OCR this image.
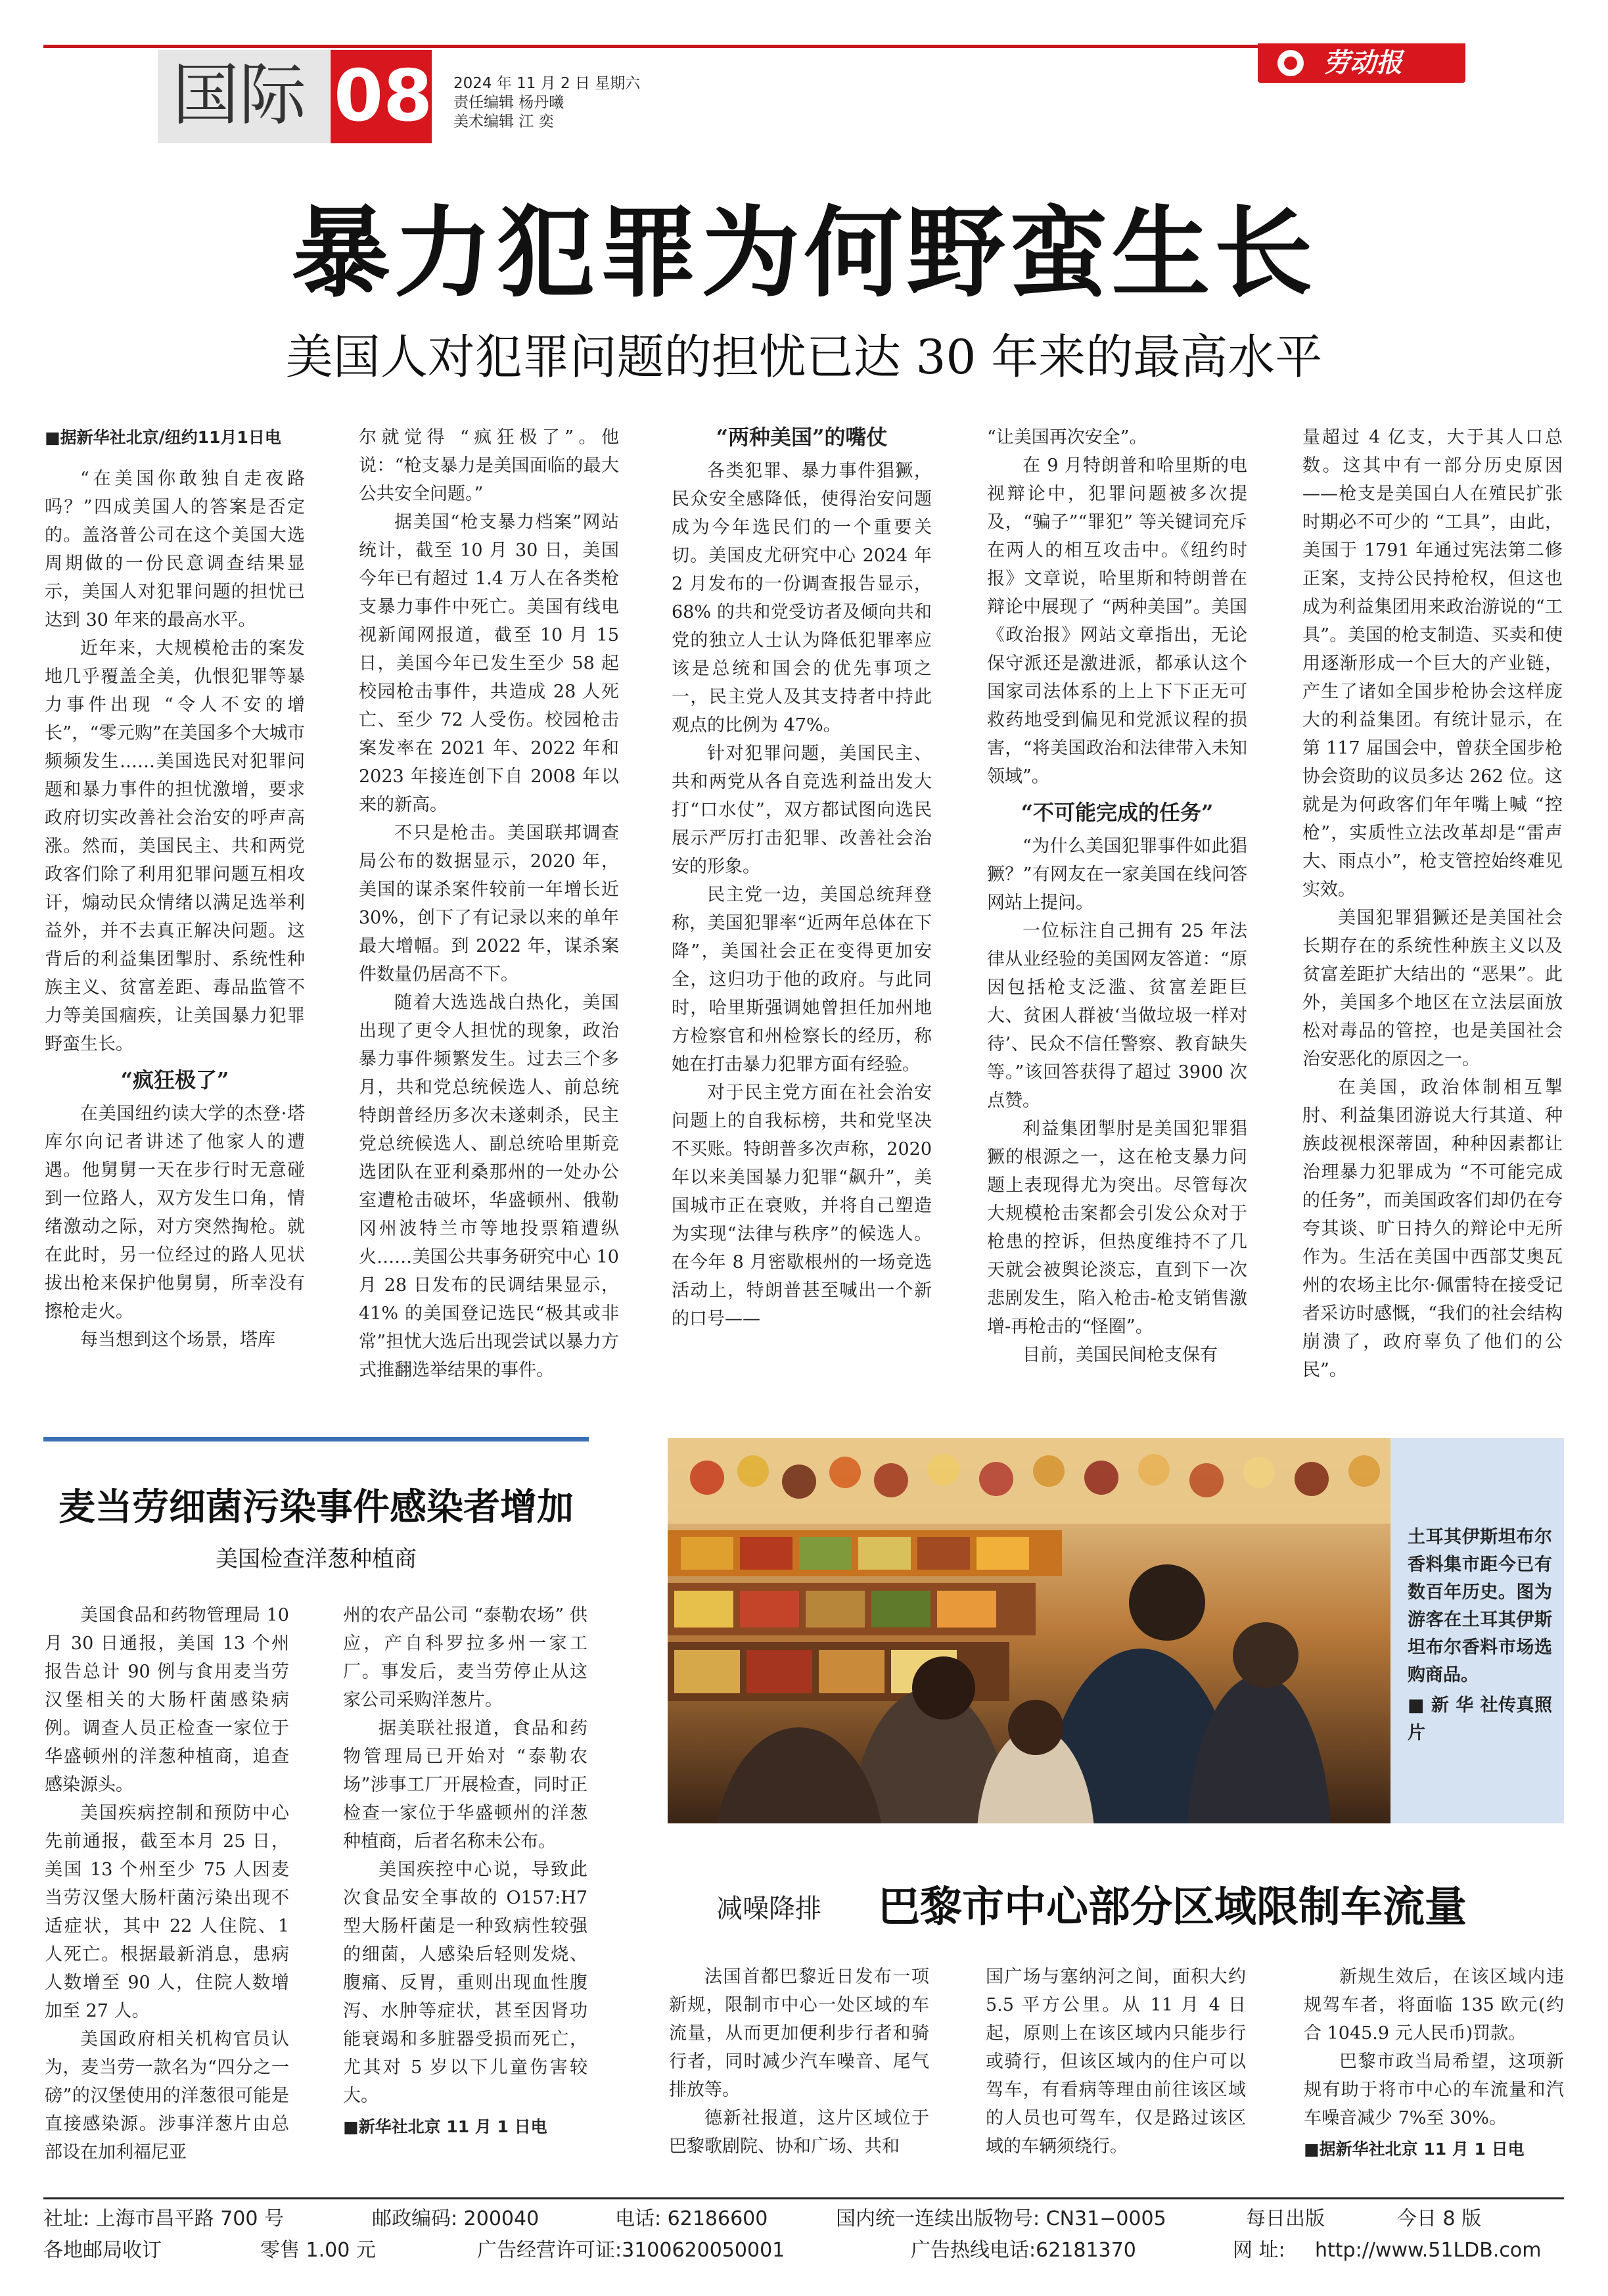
国际 08 2024 年 11 月 2 日 星期六
责任编辑 杨丹曦
美术编辑 江 奕
劳动报
暴力犯罪为何野蛮生长
美国人对犯罪问题的担忧已达 30 年来的最高水平

■据新华社北京/纽约11月1日电

“在美国你敢独自走夜路吗？”四成美国人的答案是否定的。盖洛普公司在这个美国大选周期做的一份民意调查结果显示，美国人对犯罪问题的担忧已达到 30 年来的最高水平。

近年来，大规模枪击的案发地几乎覆盖全美，仇恨犯罪等暴力事件出现 “令人不安的增长”，“零元购”在美国多个大城市频频发生……美国选民对犯罪问题和暴力事件的担忧激增，要求政府切实改善社会治安的呼声高涨。然而，美国民主、共和两党政客们除了利用犯罪问题互相攻讦，煽动民众情绪以满足选举利益外，并不去真正解决问题。这背后的利益集团掣肘、系统性种族主义、贫富差距、毒品监管不力等美国痼疾，让美国暴力犯罪野蛮生长。

“疯狂极了”

在美国纽约读大学的杰登·塔库尔向记者讲述了他家人的遭遇。他舅舅一天在步行时无意碰到一位路人，双方发生口角，情绪激动之际，对方突然掏枪。就在此时，另一位经过的路人见状拔出枪来保护他舅舅，所幸没有擦枪走火。

每当想到这个场景，塔库

尔就觉得 “疯狂极了”。他说：“枪支暴力是美国面临的最大公共安全问题。”

据美国“枪支暴力档案”网站统计，截至 10 月 30 日，美国今年已有超过 1.4 万人在各类枪支暴力事件中死亡。美国有线电视新闻网报道，截至 10 月 15 日，美国今年已发生至少 58 起校园枪击事件，共造成 28 人死亡、至少 72 人受伤。校园枪击案发率在 2021 年、2022 年和 2023 年接连创下自 2008 年以来的新高。

不只是枪击。美国联邦调查局公布的数据显示，2020 年，美国的谋杀案件较前一年增长近 30%，创下了有记录以来的单年最大增幅。到 2022 年，谋杀案件数量仍居高不下。

随着大选选战白热化，美国出现了更令人担忧的现象，政治暴力事件频繁发生。过去三个多月，共和党总统候选人、前总统特朗普经历多次未遂刺杀，民主党总统候选人、副总统哈里斯竞选团队在亚利桑那州的一处办公室遭枪击破坏，华盛顿州、俄勒冈州波特兰市等地投票箱遭纵火……美国公共事务研究中心 10 月 28 日发布的民调结果显示，41% 的美国登记选民“极其或非常”担忧大选后出现尝试以暴力方式推翻选举结果的事件。

“两种美国”的嘴仗

各类犯罪、暴力事件猖獗，民众安全感降低，使得治安问题成为今年选民们的一个重要关切。美国皮尤研究中心 2024 年 2 月发布的一份调查报告显示，68% 的共和党受访者及倾向共和党的独立人士认为降低犯罪率应该是总统和国会的优先事项之一，民主党人及其支持者中持此观点的比例为 47%。

针对犯罪问题，美国民主、共和两党从各自竞选利益出发大打“口水仗”，双方都试图向选民展示严厉打击犯罪、改善社会治安的形象。

民主党一边，美国总统拜登称，美国犯罪率“近两年总体在下降”，美国社会正在变得更加安全，这归功于他的政府。与此同时，哈里斯强调她曾担任加州地方检察官和州检察长的经历，称她在打击暴力犯罪方面有经验。

对于民主党方面在社会治安问题上的自我标榜，共和党坚决不买账。特朗普多次声称，2020 年以来美国暴力犯罪“飙升”，美国城市正在衰败，并将自己塑造为实现“法律与秩序”的候选人。在今年 8 月密歇根州的一场竞选活动上，特朗普甚至喊出一个新的口号——

“让美国再次安全”。

在 9 月特朗普和哈里斯的电视辩论中，犯罪问题被多次提及，“骗子”“罪犯” 等关键词充斥在两人的相互攻击中。《纽约时报》文章说，哈里斯和特朗普在辩论中展现了 “两种美国”。美国《政治报》网站文章指出，无论保守派还是激进派，都承认这个国家司法体系的上上下下正无可救药地受到偏见和党派议程的损害，“将美国政治和法律带入未知领域”。

“不可能完成的任务”

“为什么美国犯罪事件如此猖獗？”有网友在一家美国在线问答网站上提问。

一位标注自己拥有 25 年法律从业经验的美国网友答道：“原因包括枪支泛滥、贫富差距巨大、贫困人群被‘当做垃圾一样对待’、民众不信任警察、教育缺失等。”该回答获得了超过 3900 次点赞。

利益集团掣肘是美国犯罪猖獗的根源之一，这在枪支暴力问题上表现得尤为突出。尽管每次大规模枪击案都会引发公众对于枪患的控诉，但热度维持不了几天就会被舆论淡忘，直到下一次悲剧发生，陷入枪击-枪支销售激增-再枪击的“怪圈”。

目前，美国民间枪支保有

量超过 4 亿支，大于其人口总数。这其中有一部分历史原因——枪支是美国白人在殖民扩张时期必不可少的 “工具”，由此，美国于 1791 年通过宪法第二修正案，支持公民持枪权，但这也成为利益集团用来政治游说的“工具”。美国的枪支制造、买卖和使用逐渐形成一个巨大的产业链，产生了诸如全国步枪协会这样庞大的利益集团。有统计显示，在第 117 届国会中，曾获全国步枪协会资助的议员多达 262 位。这就是为何政客们年年嘴上喊 “控枪”，实质性立法改革却是“雷声大、雨点小”，枪支管控始终难见实效。

美国犯罪猖獗还是美国社会长期存在的系统性种族主义以及贫富差距扩大结出的 “恶果”。此外，美国多个地区在立法层面放松对毒品的管控，也是美国社会治安恶化的原因之一。

在美国，政治体制相互掣肘、利益集团游说大行其道、种族歧视根深蒂固，种种因素都让治理暴力犯罪成为 “不可能完成的任务”，而美国政客们却仍在夸夸其谈、旷日持久的辩论中无所作为。生活在美国中西部艾奥瓦州的农场主比尔·佩雷特在接受记者采访时感慨，“我们的社会结构崩溃了，政府辜负了他们的公民”。

麦当劳细菌污染事件感染者增加
美国检查洋葱种植商

美国食品和药物管理局 10 月 30 日通报，美国 13 个州报告总计 90 例与食用麦当劳汉堡相关的大肠杆菌感染病例。调查人员正检查一家位于华盛顿州的洋葱种植商，追查感染源头。

美国疾病控制和预防中心先前通报，截至本月 25 日，美国 13 个州至少 75 人因麦当劳汉堡大肠杆菌污染出现不适症状，其中 22 人住院、1 人死亡。根据最新消息，患病人数增至 90 人，住院人数增加至 27 人。

美国政府相关机构官员认为，麦当劳一款名为“四分之一磅”的汉堡使用的洋葱很可能是直接感染源。涉事洋葱片由总部设在加利福尼亚

州的农产品公司 “泰勒农场” 供应，产自科罗拉多州一家工厂。事发后，麦当劳停止从这家公司采购洋葱片。

据美联社报道，食品和药物管理局已开始对 “泰勒农场”涉事工厂开展检查，同时正检查一家位于华盛顿州的洋葱种植商，后者名称未公布。

美国疾控中心说，导致此次食品安全事故的 O157:H7 型大肠杆菌是一种致病性较强的细菌，人感染后轻则发烧、腹痛、反胃，重则出现血性腹泻、水肿等症状，甚至因肾功能衰竭和多脏器受损而死亡，尤其对 5 岁以下儿童伤害较大。

■新华社北京 11 月 1 日电

土耳其伊斯坦布尔香料集市距今已有数百年历史。图为游客在土耳其伊斯坦布尔香料市场选购商品。
■ 新 华 社传真照片
减噪降排 巴黎市中心部分区域限制车流量

法国首都巴黎近日发布一项新规，限制市中心一处区域的车流量，从而更加便利步行者和骑行者，同时减少汽车噪音、尾气排放等。

德新社报道，这片区域位于巴黎歌剧院、协和广场、共和

国广场与塞纳河之间，面积大约 5.5 平方公里。从 11 月 4 日起，原则上在该区域内只能步行或骑行，但该区域内的住户可以驾车，有看病等理由前往该区域的人员也可驾车，仅是路过该区域的车辆须绕行。

新规生效后，在该区域内违规驾车者，将面临 135 欧元(约合 1045.9 元人民币)罚款。

巴黎市政当局希望，这项新规有助于将市中心的车流量和汽车噪音减少 7%至 30%。

■据新华社北京 11 月 1 日电

社址: 上海市昌平路 700 号	邮政编码: 200040	电话: 62186600	国内统一连续出版物号: CN31−0005	每日出版	今日 8 版
各地邮局收订	零售 1.00 元	广告经营许可证:3100620050001	广告热线电话:62181370	网 址: http://www.51LDB.com
